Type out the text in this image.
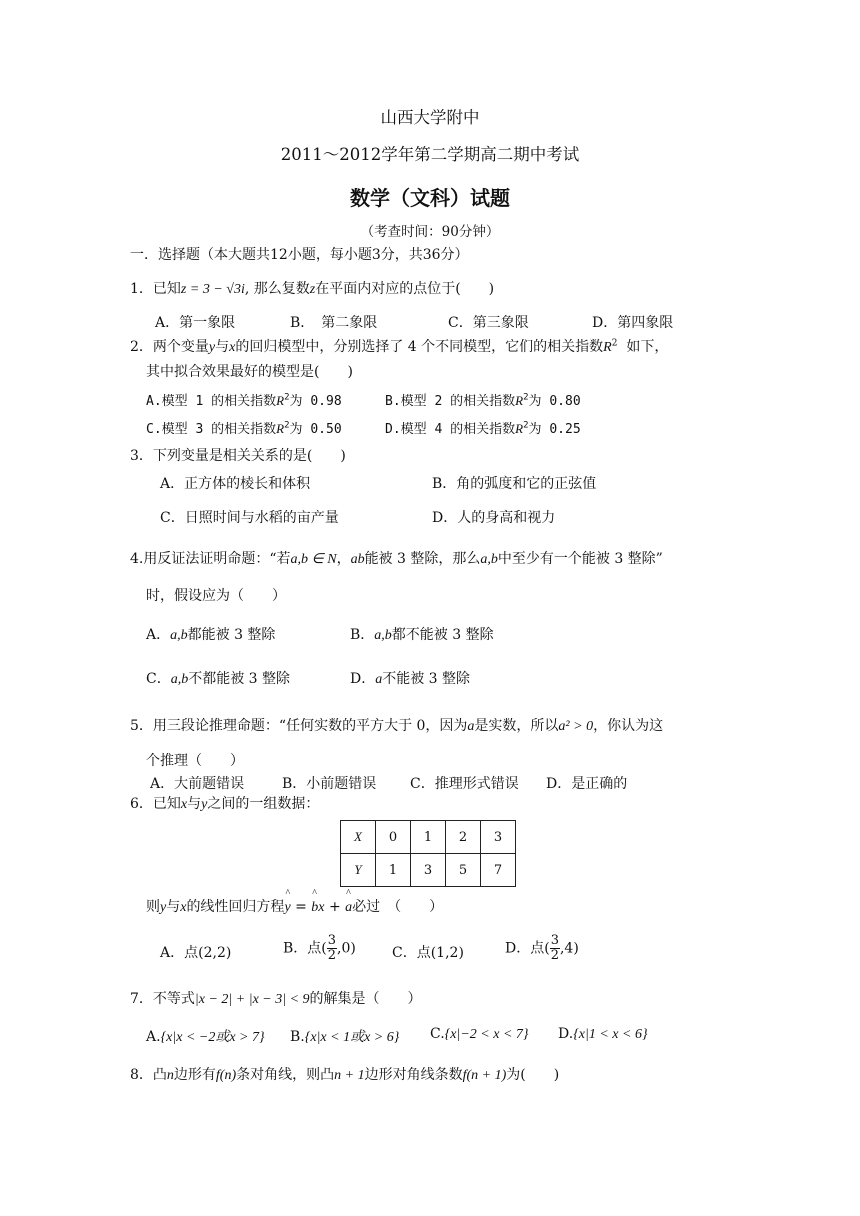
山西大学附中
2011～2012学年第二学期高二期中考试
数学（文科）试题
（考查时间：90分钟）
一．选择题（本大题共12小题，每小题3分，共36分）
1．已知z = 3 − √3i, 那么复数z在平面内对应的点位于(　　)
A．第一象限	B．　第二象限	C．第三象限	D．第四象限
2．两个变量y与x的回归模型中，分别选择了 4 个不同模型，它们的相关指数$R^2$ 如下，
其中拟合效果最好的模型是(　　)
A.模型 1 的相关指数$R^2$为 0.98	B.模型 2 的相关指数$R^2$为 0.80
C.模型 3 的相关指数$R^2$为 0.50	D.模型 4 的相关指数$R^2$为 0.25
3．下列变量是相关关系的是(　　)
A．正方体的棱长和体积	B．角的弧度和它的正弦值
C．日照时间与水稻的亩产量	D．人的身高和视力
4.用反证法证明命题：“若a,b ∈ N，ab能被 3 整除，那么a,b中至少有一个能被 3 整除”
时，假设应为（　　）
A．a,b都能被 3 整除	B．a,b都不能被 3 整除
C．a,b不都能被 3 整除	D．a不能被 3 整除
5．用三段论推理命题：“任何实数的平方大于 0，因为a是实数，所以a² > 0，你认为这
个推理（　　）
A．大前题错误	B．小前题错误 C．推理形式错误 D．是正确的
6．已知x与y之间的一组数据：
X	0	1	2	3
Y	1	3	5	7
则y与x的线性回归方程^ y = ^ bx + ^ a必过　（　　）
A．点(2,2)	B．点( $\frac{3}{2} ,0$)	C．点(1,2)	D．点( $\frac{3}{2} ,4$)
7．不等式|x − 2| + |x − 3| < 9的解集是（　　）
A.{x|x < −2或x > 7} B.{x|x < 1或x > 6} C.{x|−2 < x < 7} D.{x|1 < x < 6}
8．凸n边形有f(n)条对角线，则凸n + 1边形对角线条数f(n + 1)为(　　)
